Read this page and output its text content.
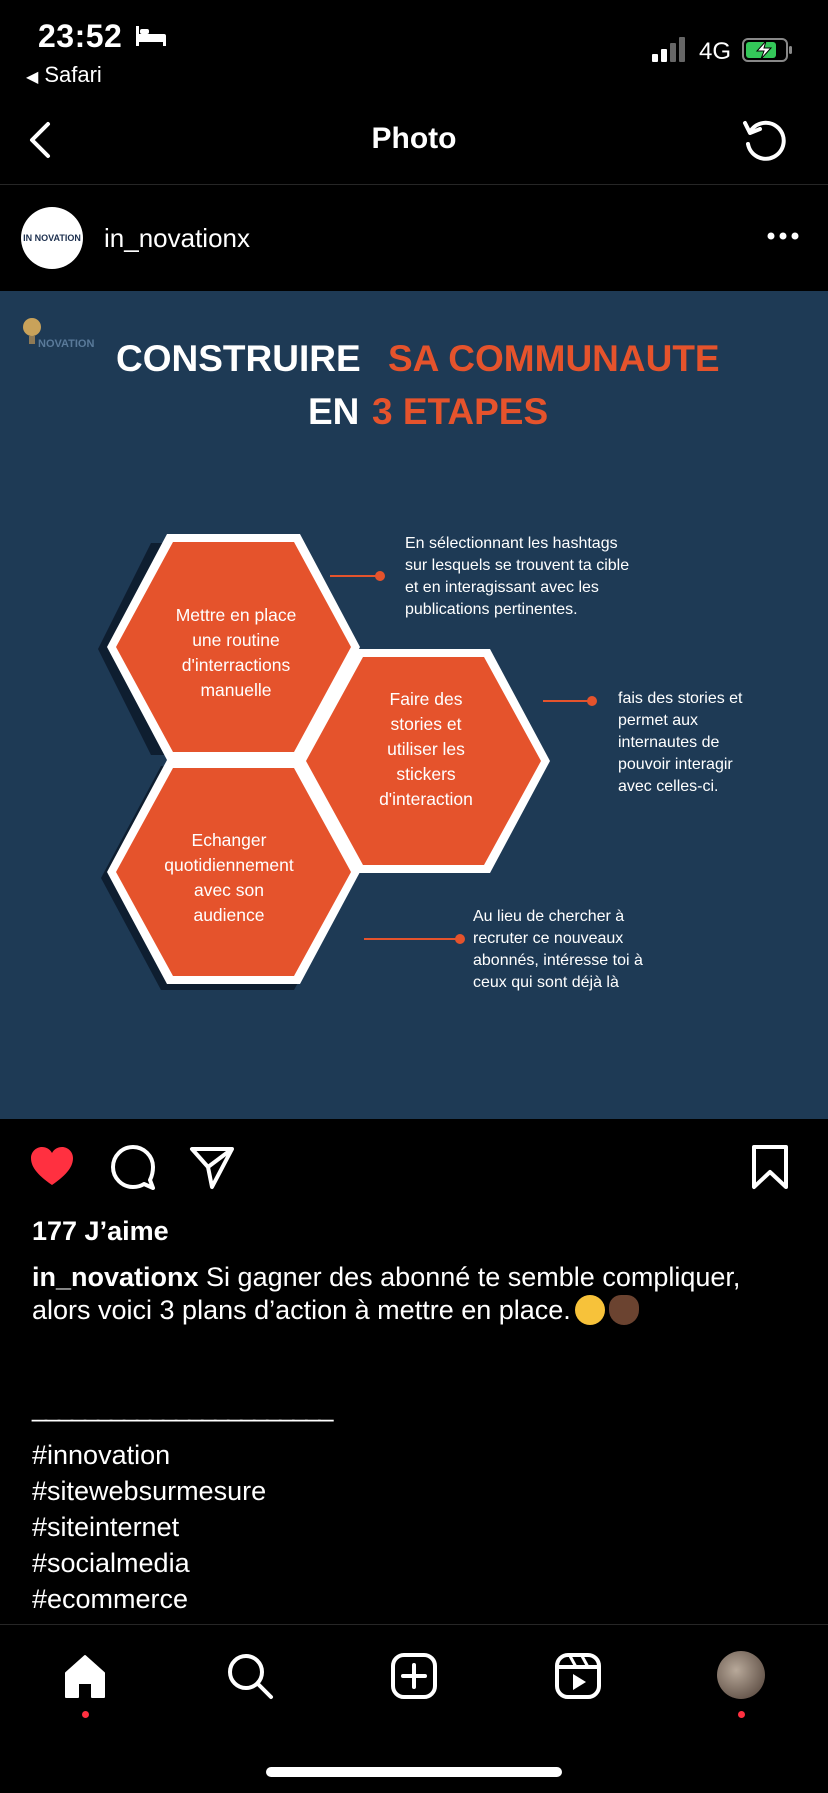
23:52
◀ Safari
4G
Photo
IN NOVATION in_novationx
NOVATION CONSTRUIRE SA COMMUNAUTE
EN 3 ETAPES
Mettre en place
une routine
d'interractions
manuelle	Faire des
stories et
utiliser les
stickers
d'interaction
Echanger
quotidiennement
avec son
audience
En sélectionnant les hashtags
sur lesquels se trouvent ta cible
et en interagissant avec les
publications pertinentes.
fais des stories et
permet aux
internautes de
pouvoir interagir
avec celles-ci.
Au lieu de chercher à
recruter ce nouveaux
abonnés, intéresse toi à
ceux qui sont déjà là
177 J’aime
in_novationx Si gagner des abonné te semble compliquer, alors voici 3 plans d’action à mettre en place.
_______________________
#innovation
#sitewebsurmesure
#siteinternet
#socialmedia
#ecommerce
